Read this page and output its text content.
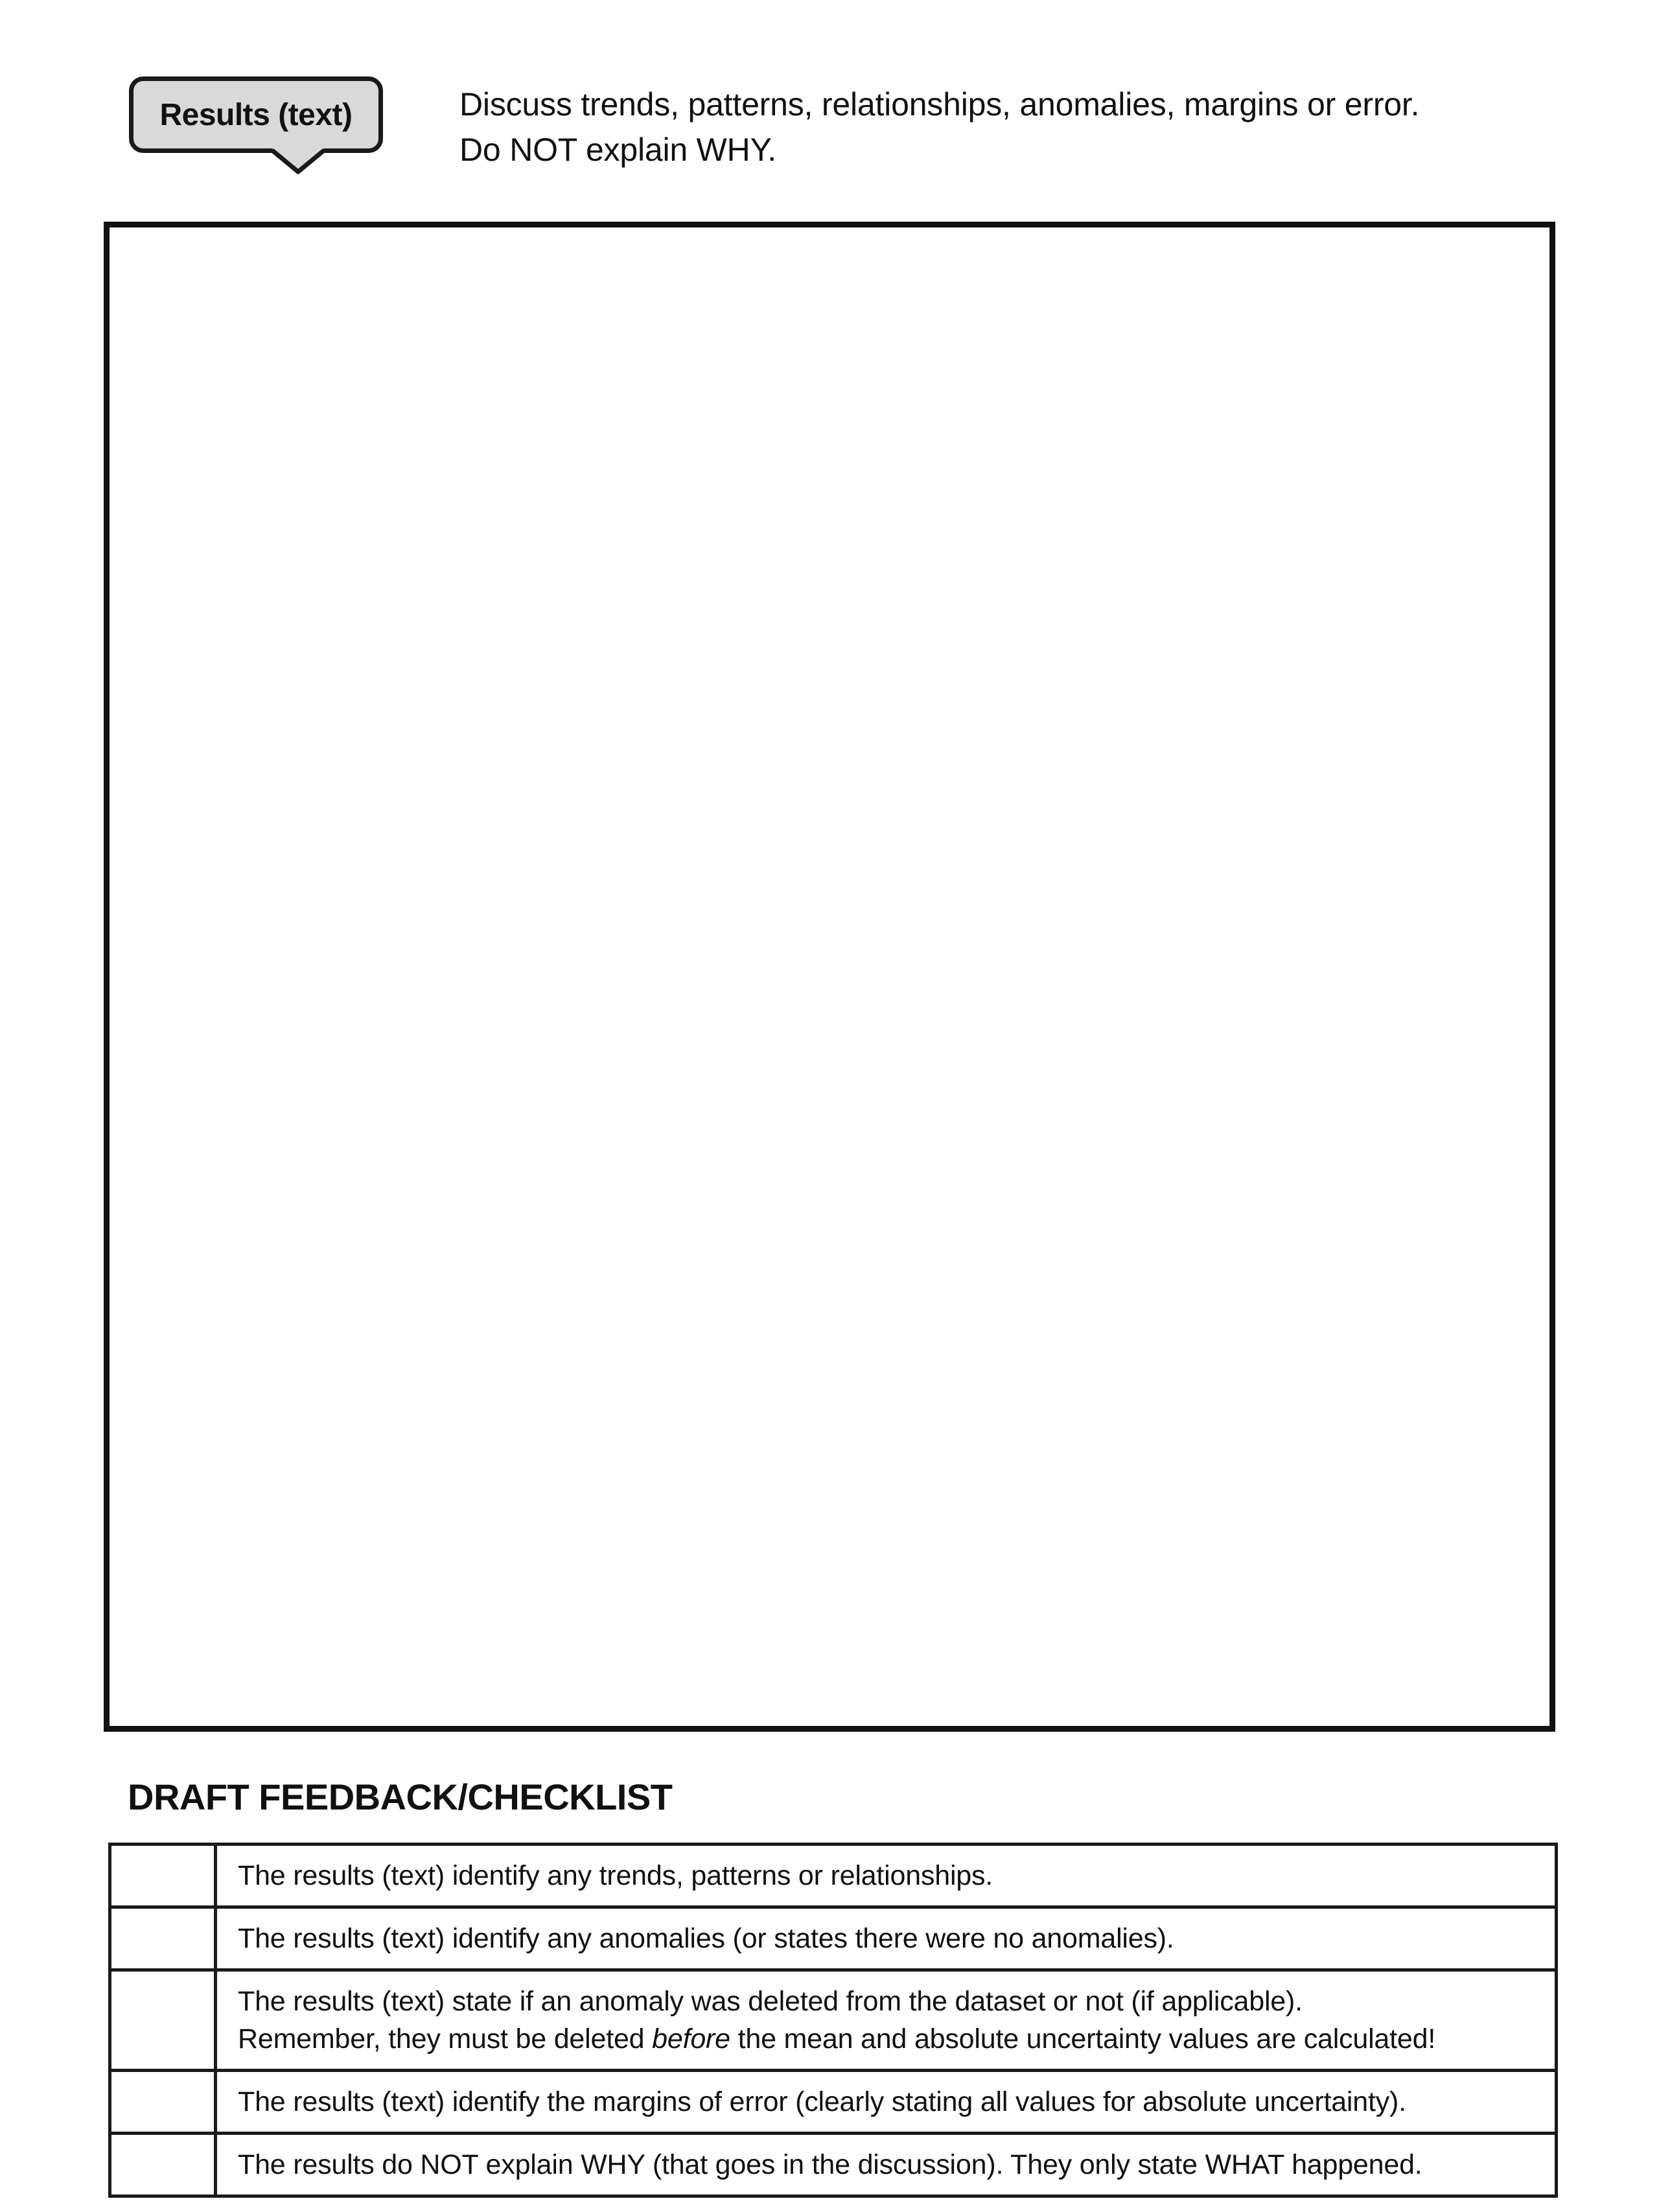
Results (text)	Discuss trends, patterns, relationships, anomalies, margins or error.
Do NOT explain WHY.
DRAFT FEEDBACK/CHECKLIST

	The results (text) identify any trends, patterns or relationships.

	The results (text) identify any anomalies (or states there were no anomalies).

	The results (text) state if an anomaly was deleted from the dataset or not (if applicable).
Remember, they must be deleted before the mean and absolute uncertainty values are calculated!

	The results (text) identify the margins of error (clearly stating all values for absolute uncertainty).

	The results do NOT explain WHY (that goes in the discussion). They only state WHAT happened.
